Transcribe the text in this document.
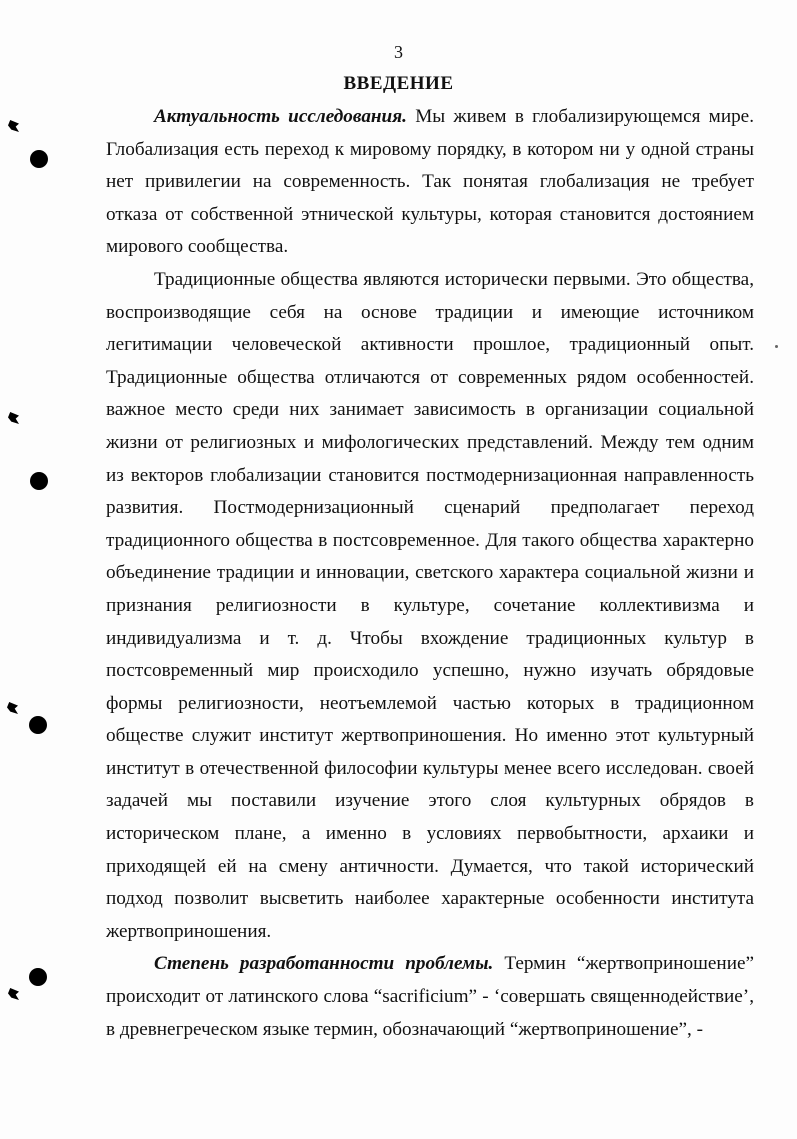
3
ВВЕДЕНИЕ

Актуальность исследования. Мы живем в глобализирующемся мире. Глобализация есть переход к мировому порядку, в котором ни у одной страны нет привилегии на современность. Так понятая глобализация не требует отказа от собственной этнической культуры, которая становится достоянием мирового сообщества.

Традиционные общества являются исторически первыми. Это общества, воспроизводящие себя на основе традиции и имеющие источником легитимации человеческой активности прошлое, традиционный опыт. Традиционные общества отличаются от современных рядом особенностей. важное место среди них занимает зависимость в организации социальной жизни от религиозных и мифологических представлений. Между тем одним из векторов глобализации становится постмодернизационная направленность развития. Постмодернизационный сценарий предполагает переход традиционного общества в постсовременное. Для такого общества характерно объединение традиции и инновации, светского характера социальной жизни и признания религиозности в культуре, сочетание коллективизма и индивидуализма и т. д. Чтобы вхождение традиционных культур в постсовременный мир происходило успешно, нужно изучать обрядовые формы религиозности, неотъемлемой частью которых в традиционном обществе служит институт жертвоприношения. Но именно этот культурный институт в отечественной философии культуры менее всего исследован. своей задачей мы поставили изучение этого слоя культурных обрядов в историческом плане, а именно в условиях первобытности, архаики и приходящей ей на смену античности. Думается, что такой исторический подход позволит высветить наиболее характерные особенности института жертвоприношения.

Степень разработанности проблемы. Термин “жертвоприношение” происходит от латинского слова “sacrificium” - ‘совершать священнодействие’, в древнегреческом языке термин, обозначающий “жертвоприношение”, -
